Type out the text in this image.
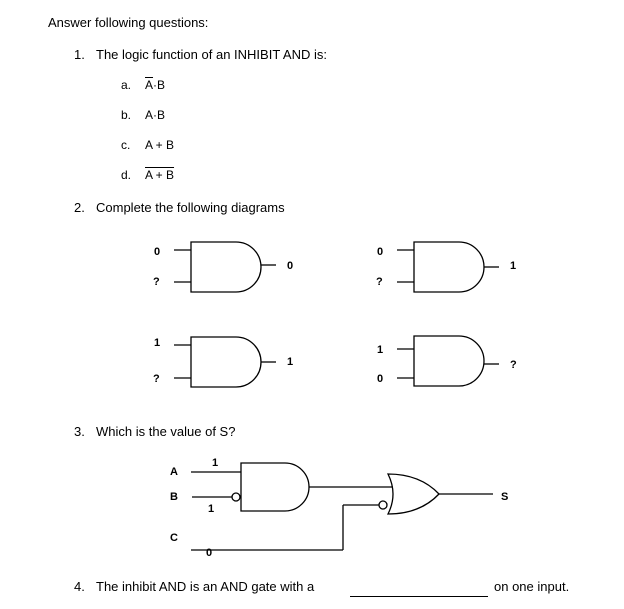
Answer following questions:
1. The logic function of an INHIBIT AND is:
a. $\overline{A}\cdot B$
b. A·B
c. A + B
d. A + B
2. Complete the following diagrams
3. Which is the value of S?
4. The inhibit AND is an AND gate with a	on one input.
0
?
0
0
?
1
1
?
1
1
0
?
A
1
B
1
C
0
S
